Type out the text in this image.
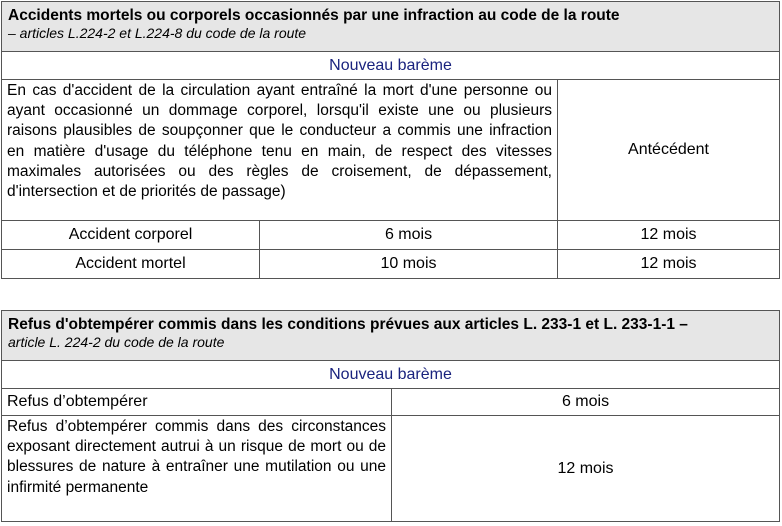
Accidents mortels ou corporels occasionnés par une infraction au code de la route
– articles L.224-2 et L.224-8 du code de la route		

Nouveau barème		
En cas d'accident de la circulation ayant entraîné la mort d'une personne ou ayant occasionné un dommage corporel, lorsqu'il existe une ou plusieurs raisons plausibles de soupçonner que le conducteur a commis une infraction en matière d'usage du téléphone tenu en main, de respect des vitesses maximales autorisées ou des règles de croisement, de dépassement, d'intersection et de priorités de passage)		Antécédent
Accident corporel	6 mois	12 mois
Accident mortel	10 mois	12 mois
Refus d'obtempérer commis dans les conditions prévues aux articles L. 233-1 et L. 233-1-1 –
article L. 224-2 du code de la route	

Nouveau barème	
Refus d’obtempérer	6 mois
Refus d’obtempérer commis dans des circonstances exposant directement autrui à un risque de mort ou de blessures de nature à entraîner une mutilation ou une infirmité permanente	12 mois
